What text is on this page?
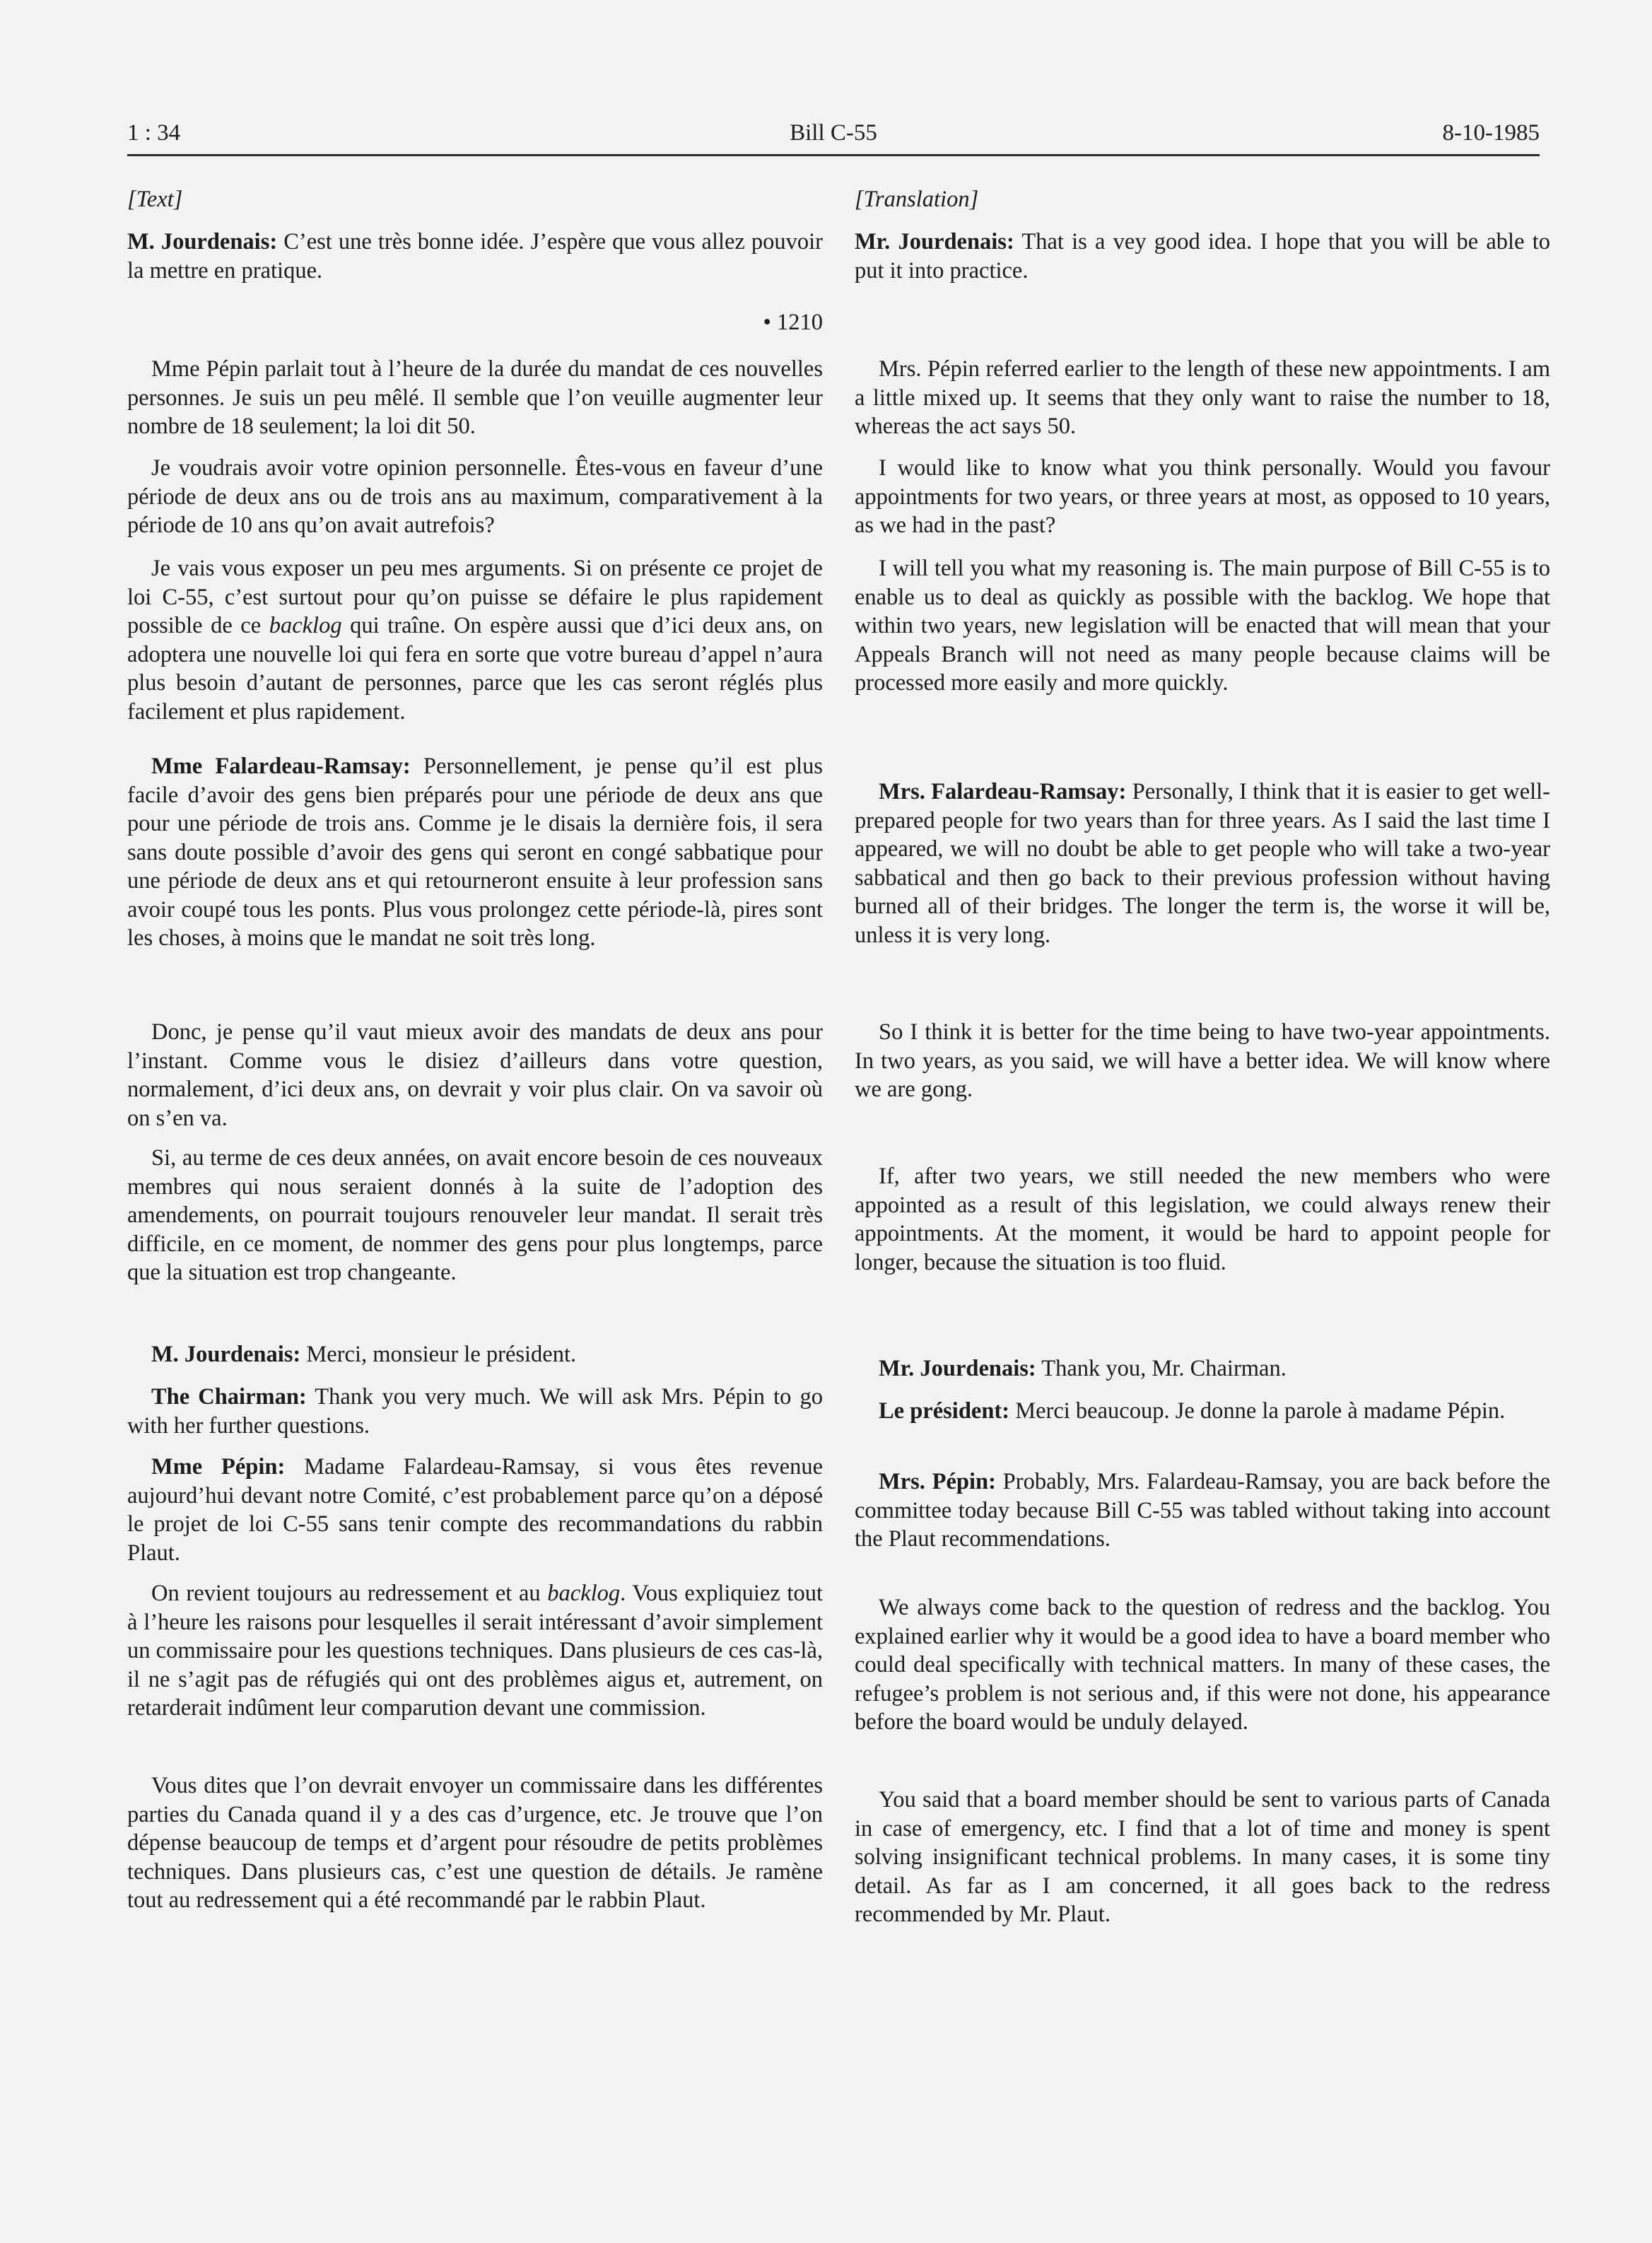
1 : 34	Bill C-55	8-10-1985

[Text]

• 1210

M. Jourdenais: C’est une très bonne idée. J’espère que vous allez pouvoir la mettre en pratique.

Mme Pépin parlait tout à l’heure de la durée du mandat de ces nouvelles personnes. Je suis un peu mêlé. Il semble que l’on veuille augmenter leur nombre de 18 seulement; la loi dit 50.

Je voudrais avoir votre opinion personnelle. Êtes-vous en faveur d’une période de deux ans ou de trois ans au maximum, comparativement à la période de 10 ans qu’on avait autrefois?

Je vais vous exposer un peu mes arguments. Si on présente ce projet de loi C-55, c’est surtout pour qu’on puisse se défaire le plus rapidement possible de ce backlog qui traîne. On espère aussi que d’ici deux ans, on adoptera une nouvelle loi qui fera en sorte que votre bureau d’appel n’aura plus besoin d’autant de personnes, parce que les cas seront réglés plus facilement et plus rapidement.

Mme Falardeau-Ramsay: Personnellement, je pense qu’il est plus facile d’avoir des gens bien préparés pour une période de deux ans que pour une période de trois ans. Comme je le disais la dernière fois, il sera sans doute possible d’avoir des gens qui seront en congé sabbatique pour une période de deux ans et qui retourneront ensuite à leur profession sans avoir coupé tous les ponts. Plus vous prolongez cette période-là, pires sont les choses, à moins que le mandat ne soit très long.

Donc, je pense qu’il vaut mieux avoir des mandats de deux ans pour l’instant. Comme vous le disiez d’ailleurs dans votre question, normalement, d’ici deux ans, on devrait y voir plus clair. On va savoir où on s’en va.

Si, au terme de ces deux années, on avait encore besoin de ces nouveaux membres qui nous seraient donnés à la suite de l’adoption des amendements, on pourrait toujours renouveler leur mandat. Il serait très difficile, en ce moment, de nommer des gens pour plus longtemps, parce que la situation est trop changeante.

M. Jourdenais: Merci, monsieur le président.

The Chairman: Thank you very much. We will ask Mrs. Pépin to go with her further questions.

Mme Pépin: Madame Falardeau-Ramsay, si vous êtes revenue aujourd’hui devant notre Comité, c’est probablement parce qu’on a déposé le projet de loi C-55 sans tenir compte des recommandations du rabbin Plaut.

On revient toujours au redressement et au backlog. Vous expliquiez tout à l’heure les raisons pour lesquelles il serait intéressant d’avoir simplement un commissaire pour les questions techniques. Dans plusieurs de ces cas-là, il ne s’agit pas de réfugiés qui ont des problèmes aigus et, autrement, on retarderait indûment leur comparution devant une commission.

Vous dites que l’on devrait envoyer un commissaire dans les différentes parties du Canada quand il y a des cas d’urgence, etc. Je trouve que l’on dépense beaucoup de temps et d’argent pour résoudre de petits problèmes techniques. Dans plusieurs cas, c’est une question de détails. Je ramène tout au redressement qui a été recommandé par le rabbin Plaut.

[Translation]

Mr. Jourdenais: That is a vey good idea. I hope that you will be able to put it into practice.

Mrs. Pépin referred earlier to the length of these new appointments. I am a little mixed up. It seems that they only want to raise the number to 18, whereas the act says 50.

I would like to know what you think personally. Would you favour appointments for two years, or three years at most, as opposed to 10 years, as we had in the past?

I will tell you what my reasoning is. The main purpose of Bill C-55 is to enable us to deal as quickly as possible with the backlog. We hope that within two years, new legislation will be enacted that will mean that your Appeals Branch will not need as many people because claims will be processed more easily and more quickly.

Mrs. Falardeau-Ramsay: Personally, I think that it is easier to get well-prepared people for two years than for three years. As I said the last time I appeared, we will no doubt be able to get people who will take a two-year sabbatical and then go back to their previous profession without having burned all of their bridges. The longer the term is, the worse it will be, unless it is very long.

So I think it is better for the time being to have two-year appointments. In two years, as you said, we will have a better idea. We will know where we are gong.

If, after two years, we still needed the new members who were appointed as a result of this legislation, we could always renew their appointments. At the moment, it would be hard to appoint people for longer, because the situation is too fluid.

Mr. Jourdenais: Thank you, Mr. Chairman.

Le président: Merci beaucoup. Je donne la parole à madame Pépin.

Mrs. Pépin: Probably, Mrs. Falardeau-Ramsay, you are back before the committee today because Bill C-55 was tabled without taking into account the Plaut recommendations.

We always come back to the question of redress and the backlog. You explained earlier why it would be a good idea to have a board member who could deal specifically with technical matters. In many of these cases, the refugee’s problem is not serious and, if this were not done, his appearance before the board would be unduly delayed.

You said that a board member should be sent to various parts of Canada in case of emergency, etc. I find that a lot of time and money is spent solving insignificant technical problems. In many cases, it is some tiny detail. As far as I am concerned, it all goes back to the redress recommended by Mr. Plaut.
